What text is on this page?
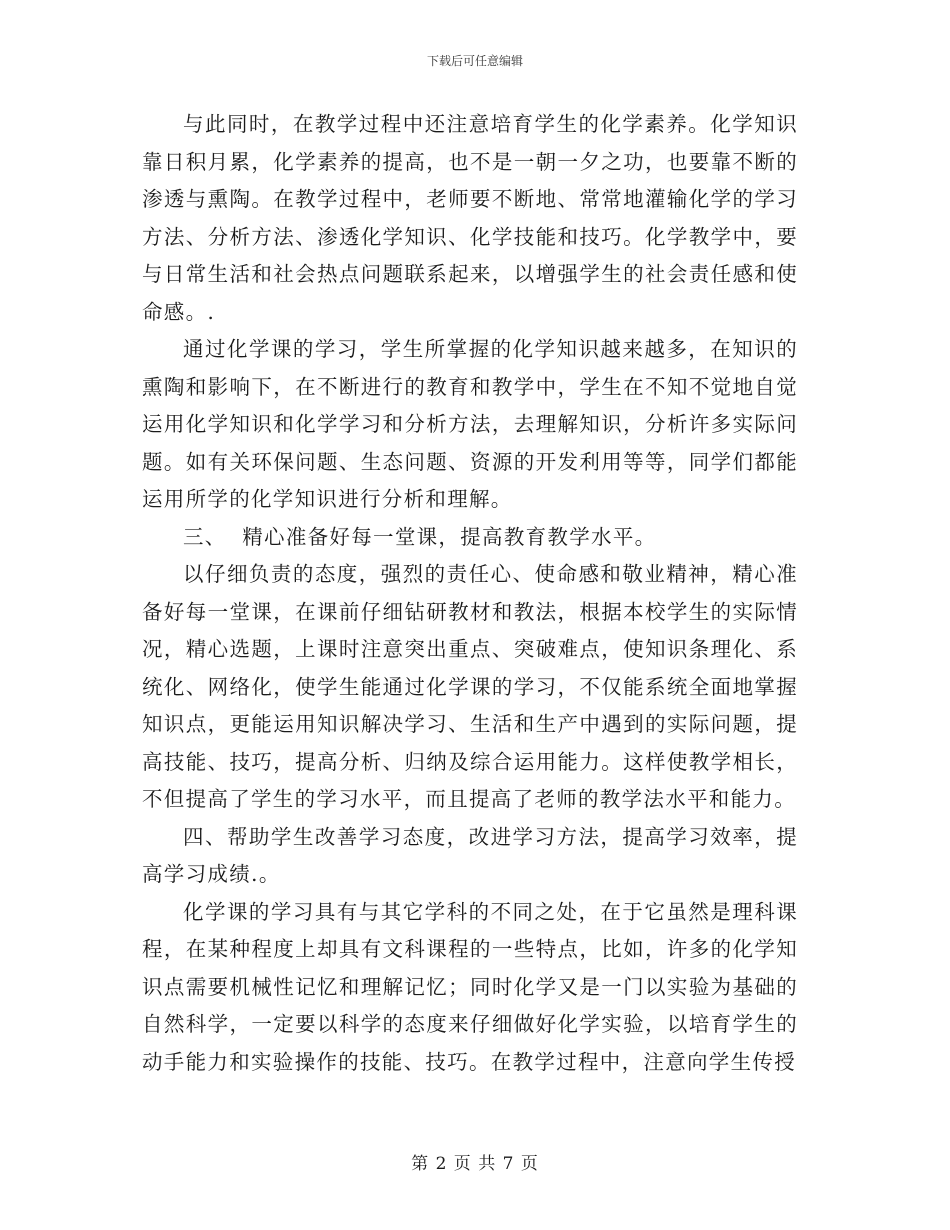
下载后可任意编辑

与此同时，在教学过程中还注意培育学生的化学素养。化学知识靠日积月累，化学素养的提高，也不是一朝一夕之功，也要靠不断的渗透与熏陶。在教学过程中，老师要不断地、常常地灌输化学的学习方法、分析方法、渗透化学知识、化学技能和技巧。化学教学中，要与日常生活和社会热点问题联系起来，以增强学生的社会责任感和使命感。.

通过化学课的学习，学生所掌握的化学知识越来越多，在知识的熏陶和影响下，在不断进行的教育和教学中，学生在不知不觉地自觉运用化学知识和化学学习和分析方法，去理解知识，分析许多实际问题。如有关环保问题、生态问题、资源的开发利用等等，同学们都能运用所学的化学知识进行分析和理解。

三、  精心准备好每一堂课，提高教育教学水平。

以仔细负责的态度，强烈的责任心、使命感和敬业精神，精心准备好每一堂课，在课前仔细钻研教材和教法，根据本校学生的实际情况，精心选题，上课时注意突出重点、突破难点，使知识条理化、系统化、网络化，使学生能通过化学课的学习，不仅能系统全面地掌握知识点，更能运用知识解决学习、生活和生产中遇到的实际问题，提高技能、技巧，提高分析、归纳及综合运用能力。这样使教学相长，不但提高了学生的学习水平，而且提高了老师的教学法水平和能力。

四、帮助学生改善学习态度，改进学习方法，提高学习效率，提高学习成绩.。

化学课的学习具有与其它学科的不同之处，在于它虽然是理科课程，在某种程度上却具有文科课程的一些特点，比如，许多的化学知识点需要机械性记忆和理解记忆；同时化学又是一门以实验为基础的自然科学，一定要以科学的态度来仔细做好化学实验，以培育学生的动手能力和实验操作的技能、技巧。在教学过程中，注意向学生传授

第 2 页 共 7 页
